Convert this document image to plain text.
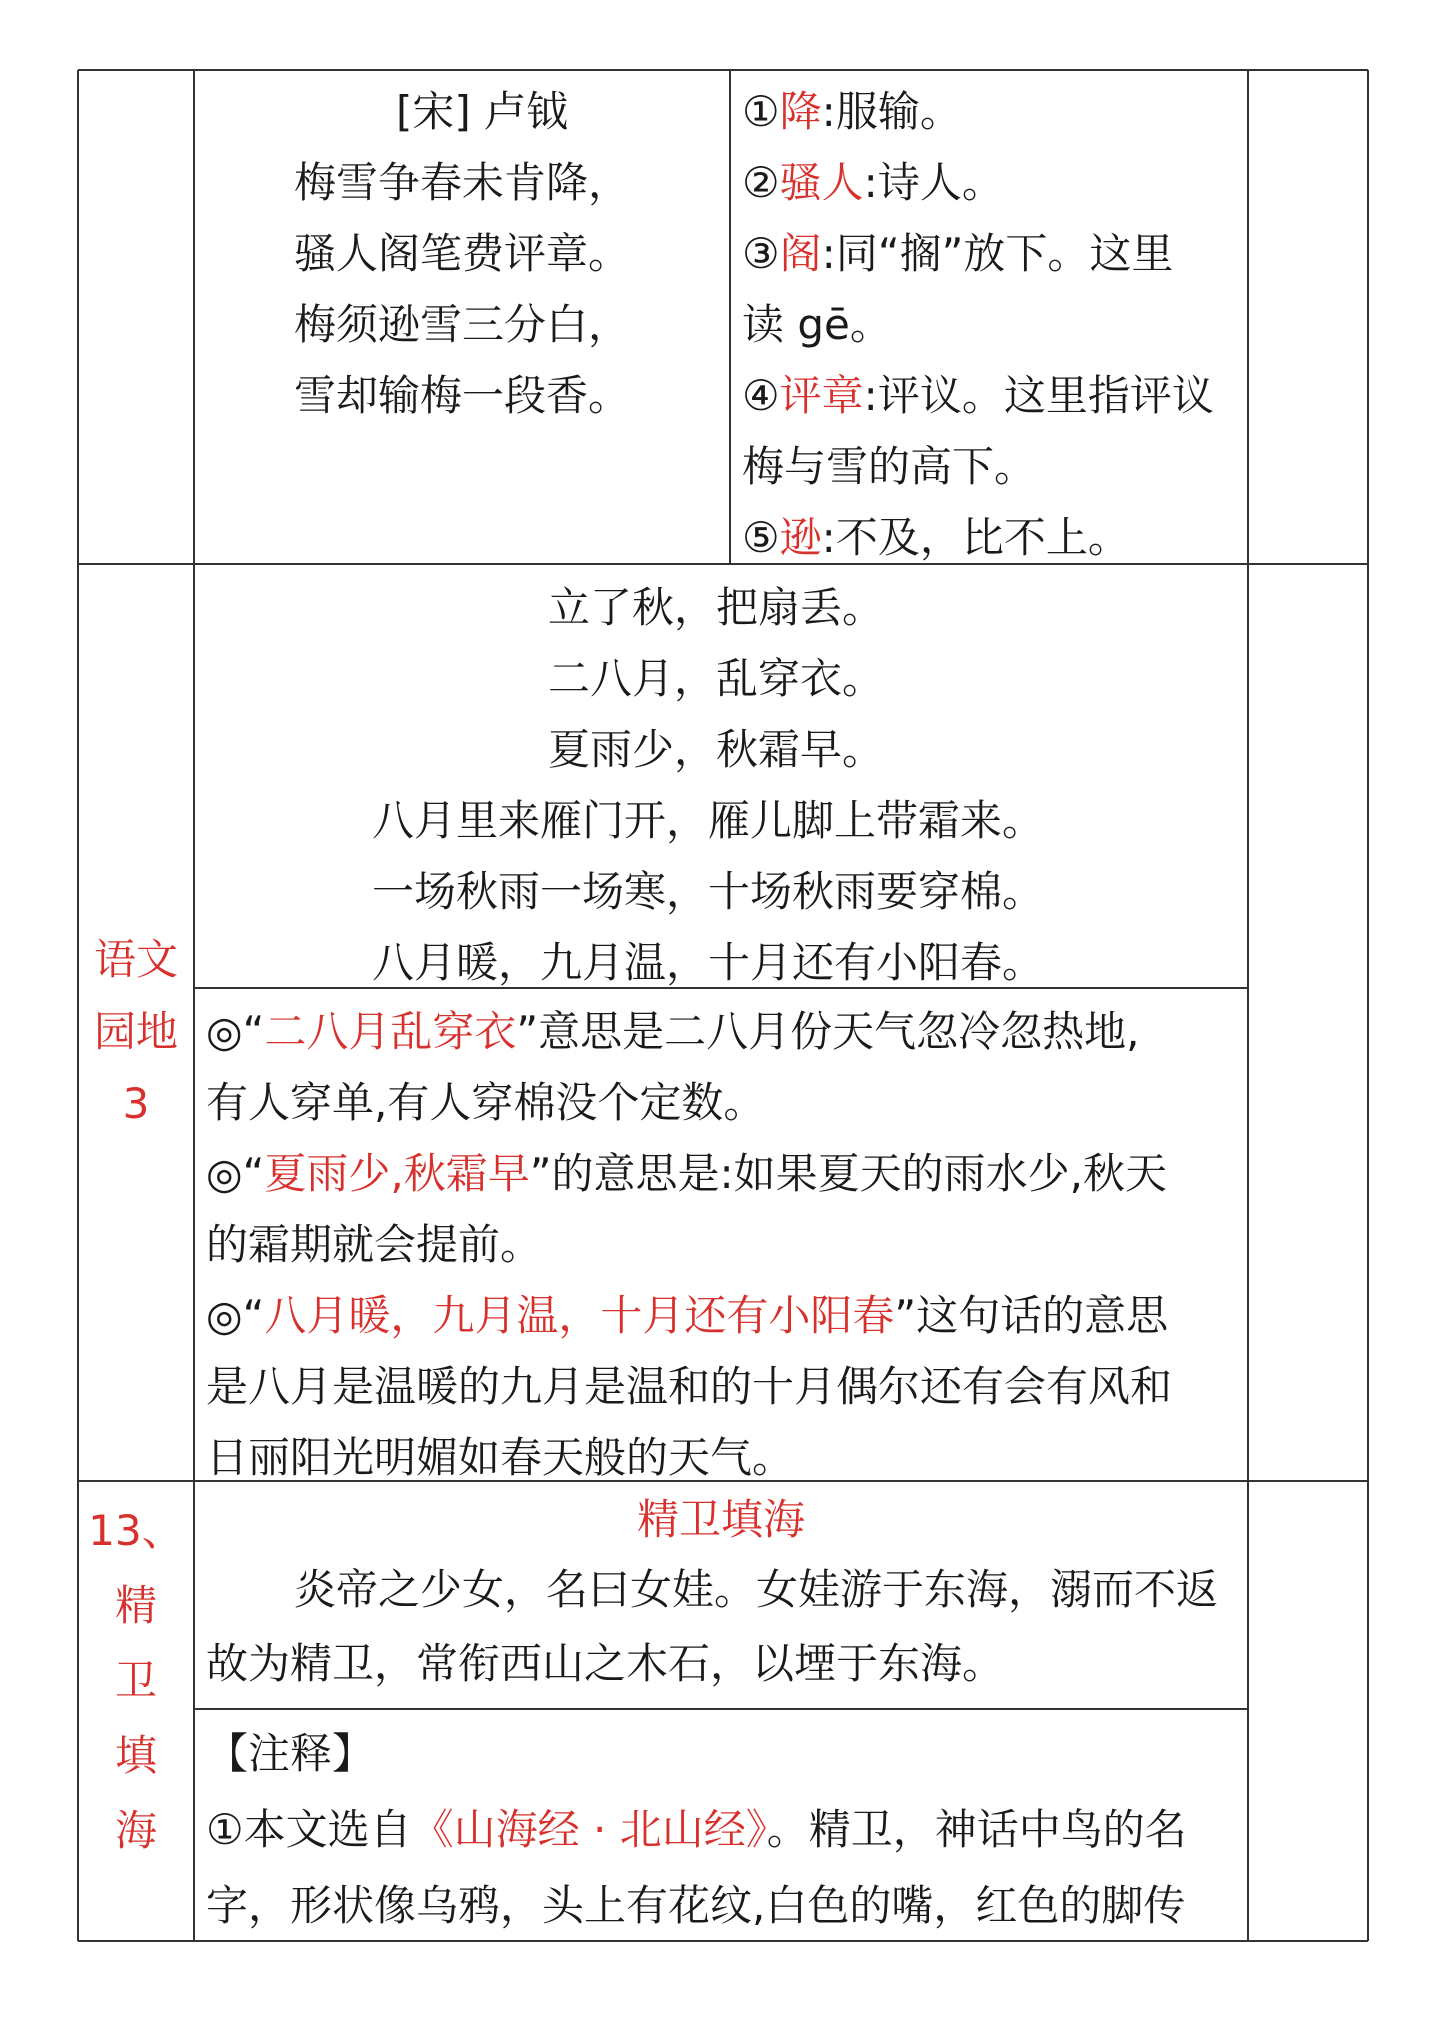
[宋] 卢钺
梅雪争春未肯降，
骚人阁笔费评章。
梅须逊雪三分白，
雪却输梅一段香。
①降:服输。
②骚人:诗人。
③阁:同“搁”放下。这里
读 gē。
④评章:评议。这里指评议
梅与雪的高下。
⑤逊:不及，比不上。
语文
园地
3
立了秋，把扇丢。
二八月，乱穿衣。
夏雨少，秋霜早。
八月里来雁门开，雁儿脚上带霜来。
一场秋雨一场寒，十场秋雨要穿棉。
八月暖，九月温，十月还有小阳春。
◎“二八月乱穿衣”意思是二八月份天气忽冷忽热地,
有人穿单,有人穿棉没个定数。
◎“夏雨少,秋霜早”的意思是:如果夏天的雨水少,秋天
的霜期就会提前。
◎“八月暖，九月温，十月还有小阳春”这句话的意思
是八月是温暖的九月是温和的十月偶尔还有会有风和
日丽阳光明媚如春天般的天气。
13、
精
卫
填
海
精卫填海
炎帝之少女，名曰女娃。女娃游于东海，溺而不返
故为精卫，常衔西山之木石，以堙于东海。
【注释】
①本文选自《山海经 · 北山经》。精卫，神话中鸟的名
字，形状像乌鸦，头上有花纹,白色的嘴，红色的脚传
